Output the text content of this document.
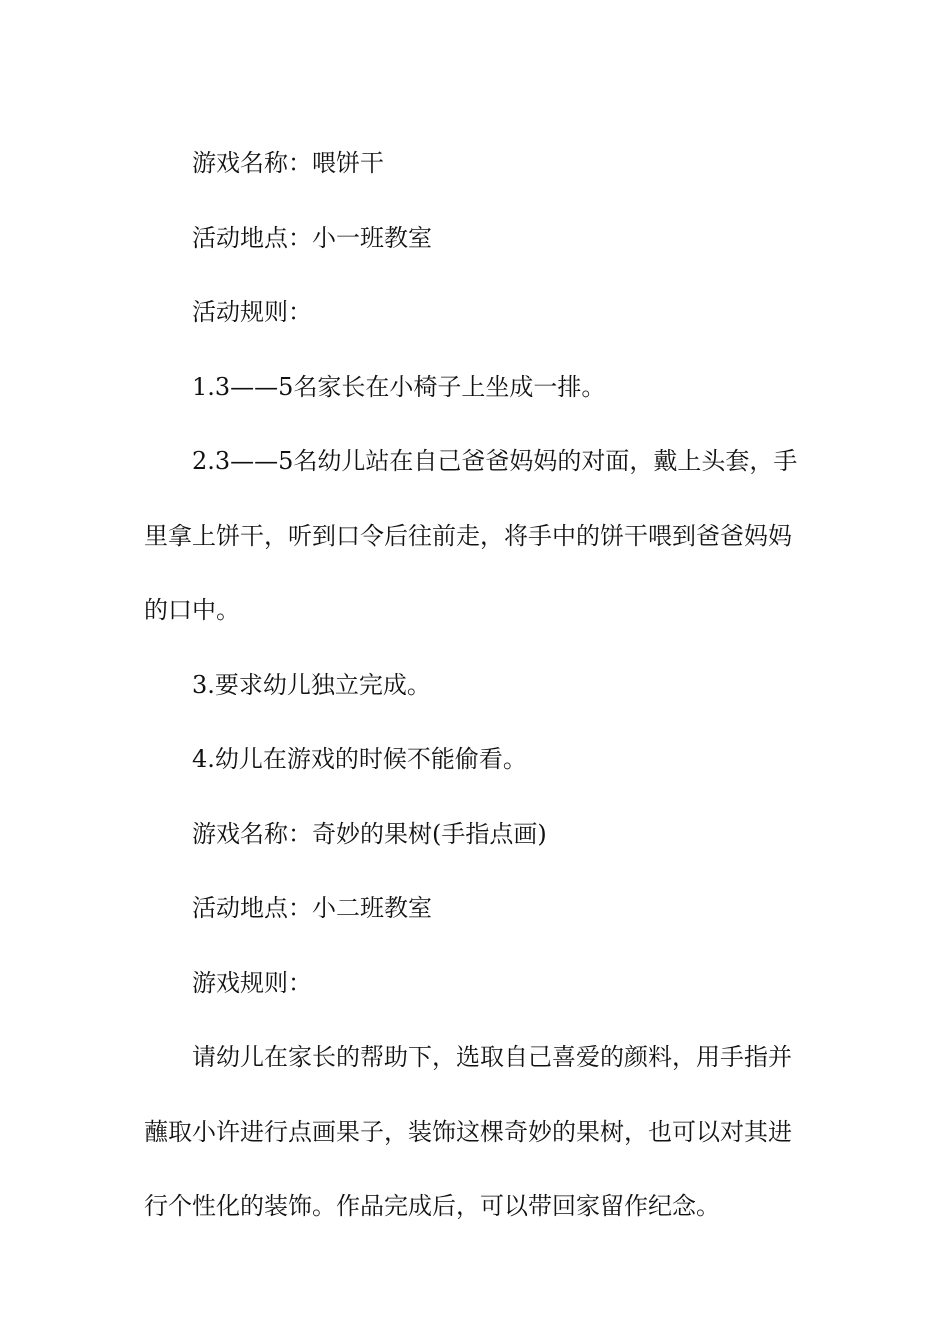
游戏名称：喂饼干

活动地点：小一班教室

活动规则：

1.3——5名家长在小椅子上坐成一排。

2.3——5名幼儿站在自己爸爸妈妈的对面，戴上头套，手里拿上饼干，听到口令后往前走，将手中的饼干喂到爸爸妈妈的口中。

3.要求幼儿独立完成。

4.幼儿在游戏的时候不能偷看。

游戏名称：奇妙的果树(手指点画)

活动地点：小二班教室

游戏规则：

请幼儿在家长的帮助下，选取自己喜爱的颜料，用手指并蘸取小许进行点画果子，装饰这棵奇妙的果树，也可以对其进行个性化的装饰。作品完成后，可以带回家留作纪念。
